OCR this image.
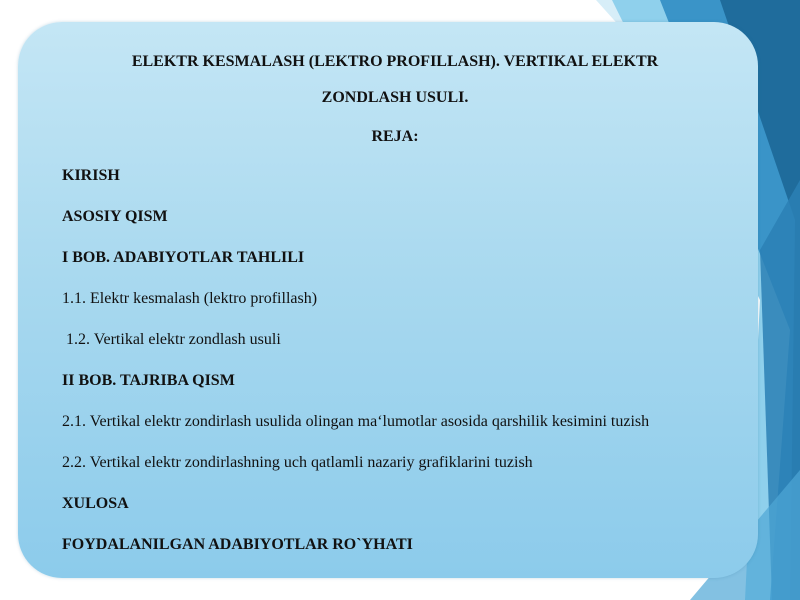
ELEKTR KESMALASH (LEKTRO PROFILLASH). VERTIKAL ELEKTR
ZONDLASH USULI.
REJA:
KIRISH
ASOSIY QISM
I BOB. ADABIYOTLAR TAHLILI
1.1. Elektr kesmalash (lektro profillash)
1.2. Vertikal elektr zondlash usuli
II BOB. TAJRIBA QISM
2.1. Vertikal elektr zondirlash usulida olingan ma‘lumotlar asosida qarshilik kesimini tuzish
2.2. Vertikal elektr zondirlashning uch qatlamli nazariy grafiklarini tuzish
XULOSA
FOYDALANILGAN ADABIYOTLAR RO`YHATI
